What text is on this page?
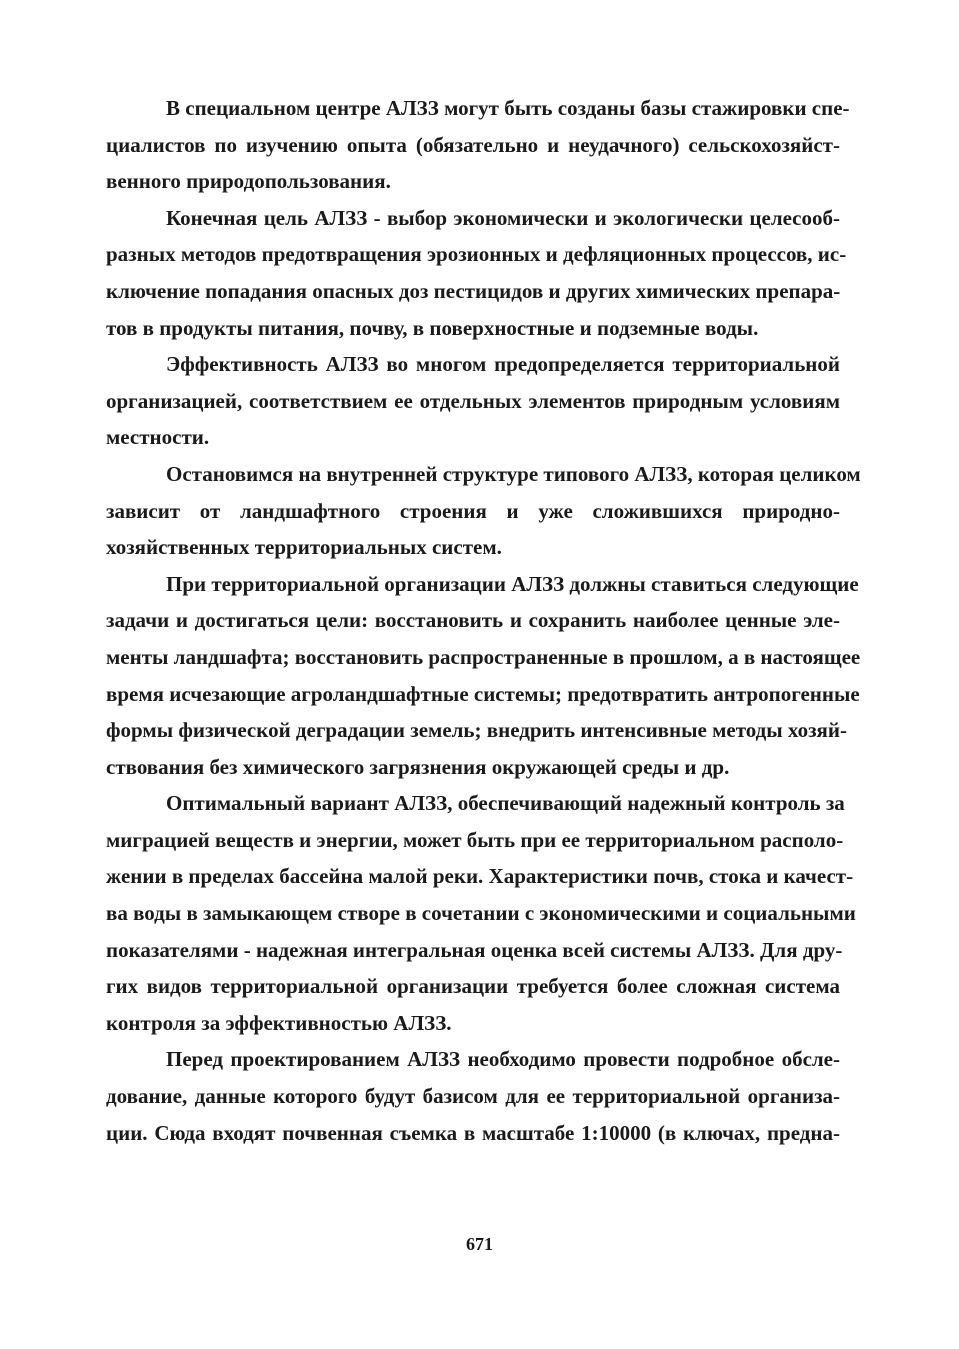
В специальном центре АЛЗЗ могут быть созданы базы стажировки спе-
циалистов по изучению опыта (обязательно и неудачного) сельскохозяйст-
венного природопользования.
Конечная цель АЛЗЗ - выбор экономически и экологически целесооб-
разных методов предотвращения эрозионных и дефляционных процессов, ис-
ключение попадания опасных доз пестицидов и других химических препара-
тов в продукты питания, почву, в поверхностные и подземные воды.
Эффективность АЛЗЗ во многом предопределяется территориальной
организацией, соответствием ее отдельных элементов природным условиям
местности.
Остановимся на внутренней структуре типового АЛЗЗ, которая целиком
зависит от ландшафтного строения и уже сложившихся природно-
хозяйственных территориальных систем.
При территориальной организации АЛЗЗ должны ставиться следующие
задачи и достигаться цели: восстановить и сохранить наиболее ценные эле-
менты ландшафта; восстановить распространенные в прошлом, а в настоящее
время исчезающие агроландшафтные системы; предотвратить антропогенные
формы физической деградации земель; внедрить интенсивные методы хозяй-
ствования без химического загрязнения окружающей среды и др.
Оптимальный вариант АЛЗЗ, обеспечивающий надежный контроль за
миграцией веществ и энергии, может быть при ее территориальном располо-
жении в пределах бассейна малой реки. Характеристики почв, стока и качест-
ва воды в замыкающем створе в сочетании с экономическими и социальными
показателями - надежная интегральная оценка всей системы АЛЗЗ. Для дру-
гих видов территориальной организации требуется более сложная система
контроля за эффективностью АЛЗЗ.
Перед проектированием АЛЗЗ необходимо провести подробное обсле-
дование, данные которого будут базисом для ее территориальной организа-
ции. Сюда входят почвенная съемка в масштабе 1:10000 (в ключах, предна-
671
